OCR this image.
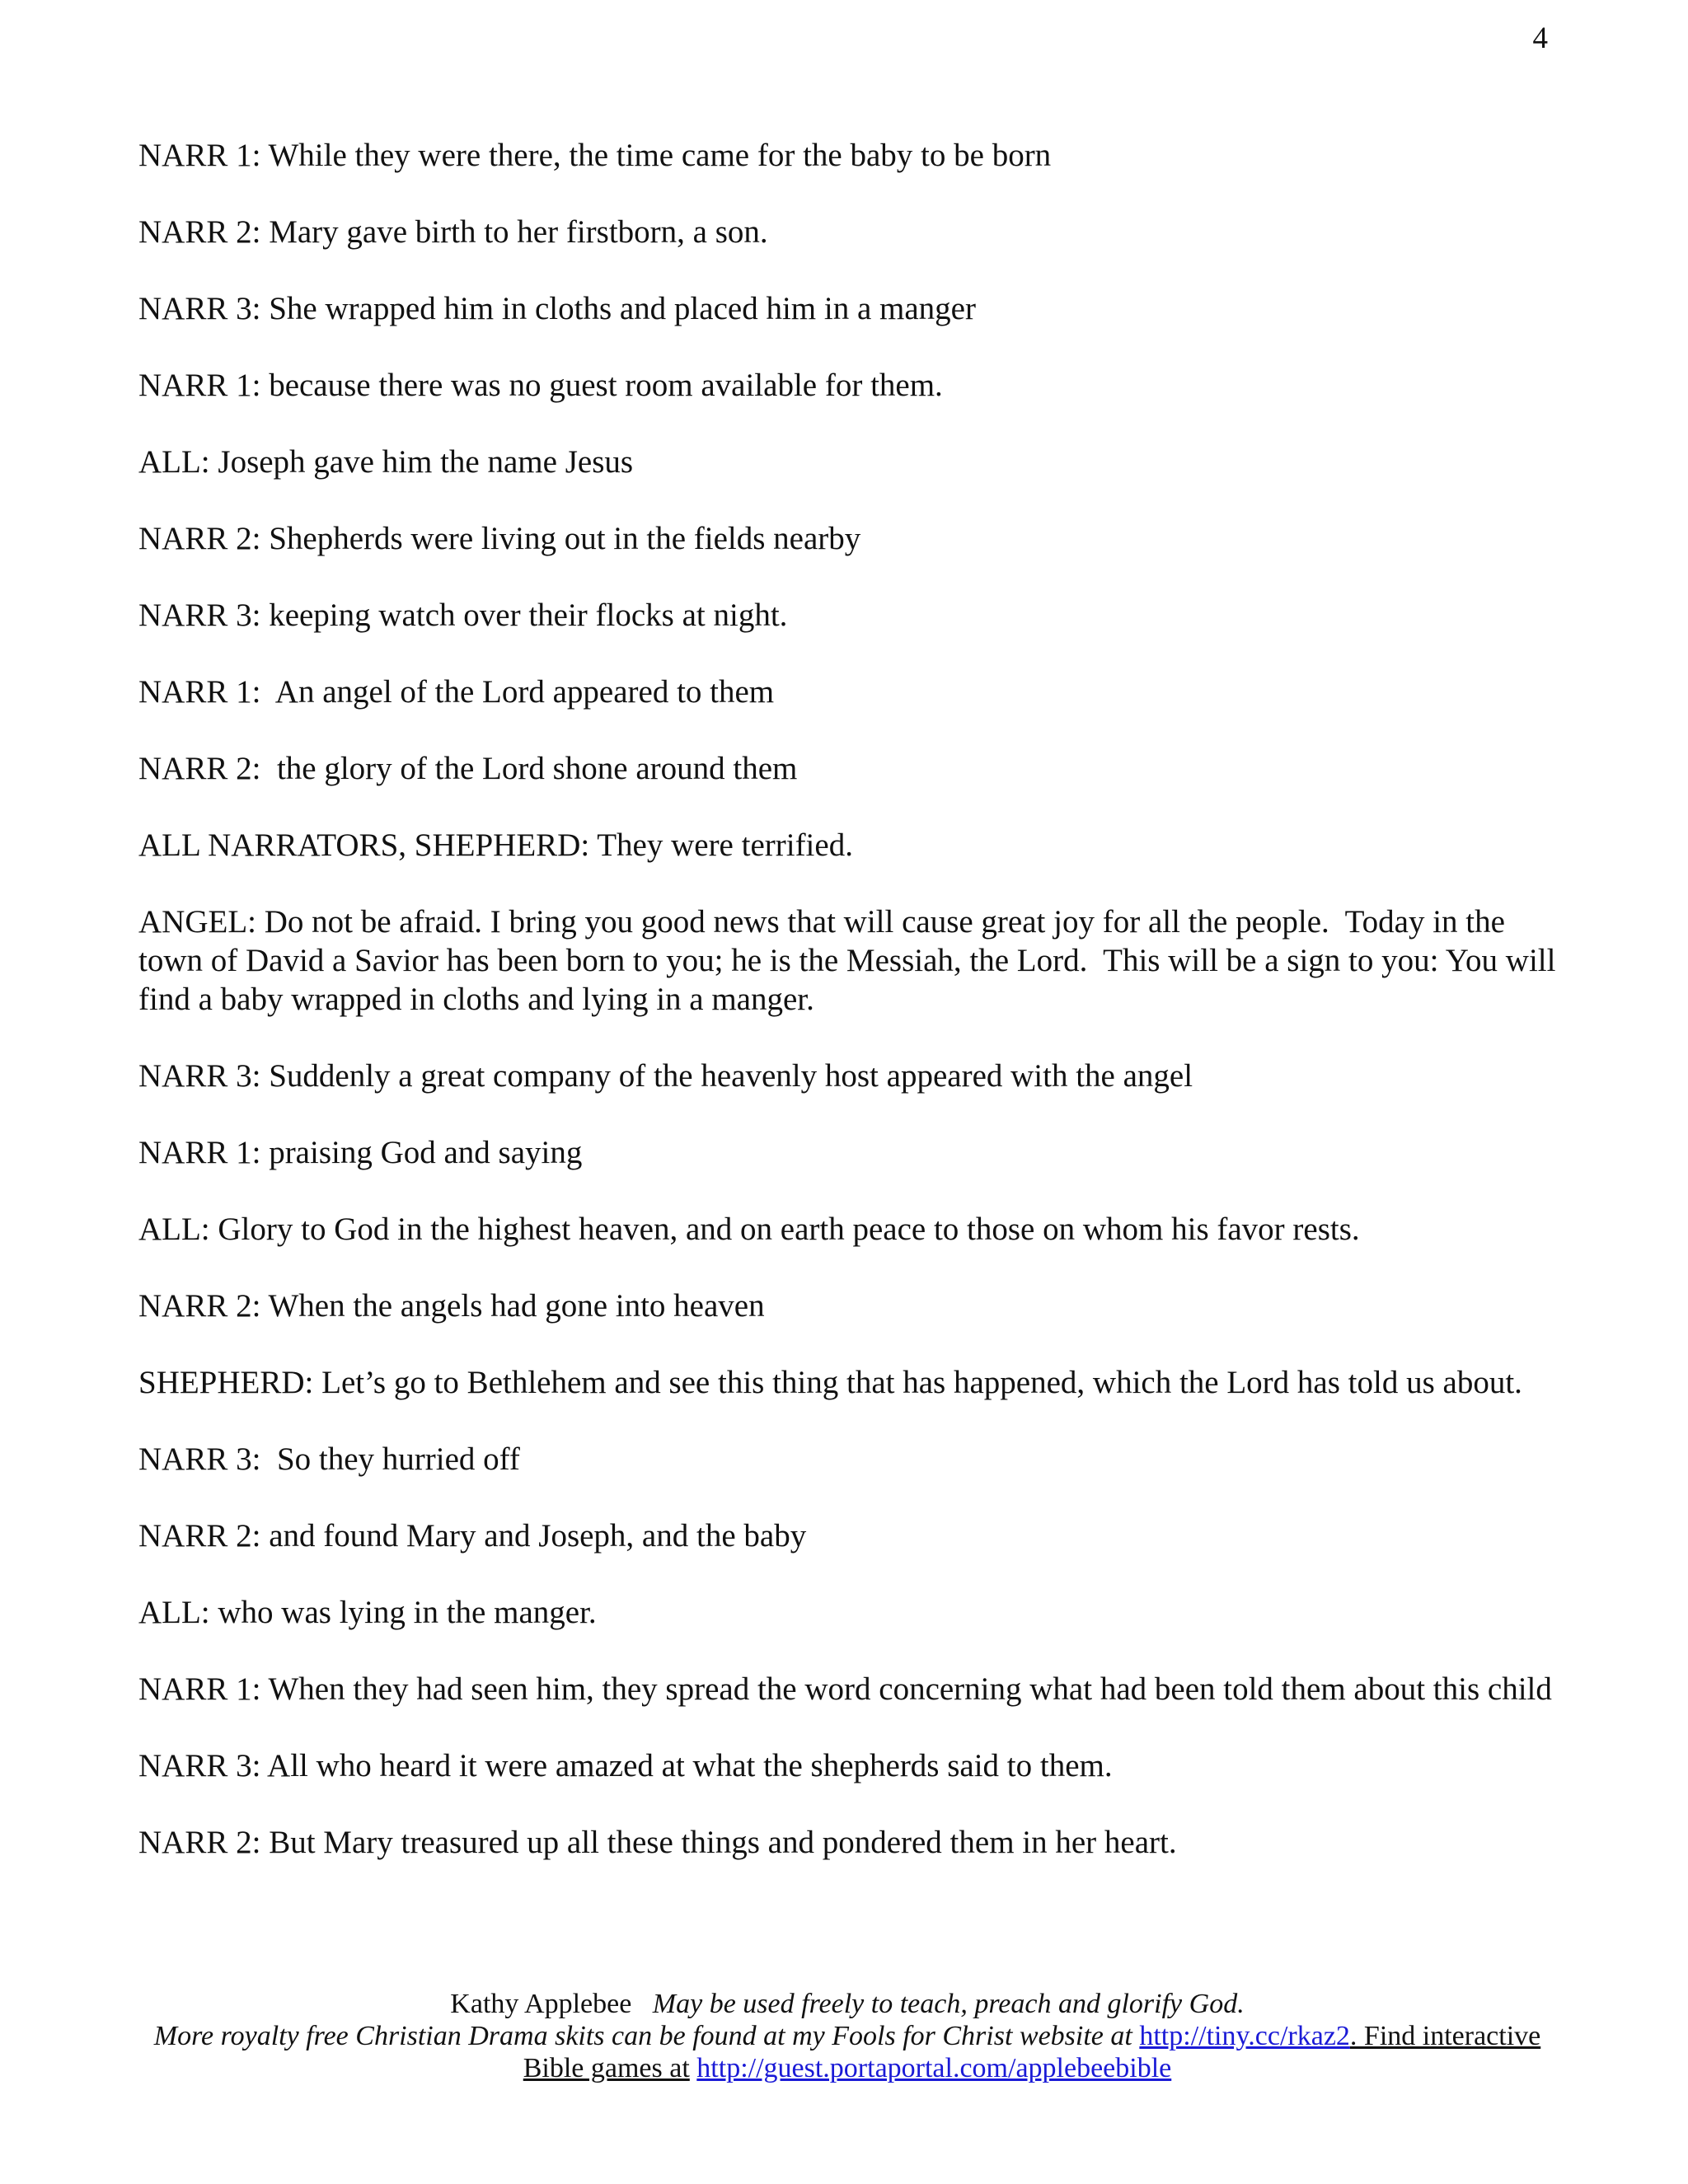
4

NARR 1: While they were there, the time came for the baby to be born

NARR 2: Mary gave birth to her firstborn, a son.

NARR 3: She wrapped him in cloths and placed him in a manger

NARR 1: because there was no guest room available for them.

ALL: Joseph gave him the name Jesus

NARR 2: Shepherds were living out in the fields nearby

NARR 3: keeping watch over their flocks at night.

NARR 1:  An angel of the Lord appeared to them

NARR 2:  the glory of the Lord shone around them

ALL NARRATORS, SHEPHERD: They were terrified.

ANGEL: Do not be afraid. I bring you good news that will cause great joy for all the people.  Today in the town of David a Savior has been born to you; he is the Messiah, the Lord.  This will be a sign to you: You will find a baby wrapped in cloths and lying in a manger.

NARR 3: Suddenly a great company of the heavenly host appeared with the angel

NARR 1: praising God and saying

ALL: Glory to God in the highest heaven, and on earth peace to those on whom his favor rests.

NARR 2: When the angels had gone into heaven

SHEPHERD: Let’s go to Bethlehem and see this thing that has happened, which the Lord has told us about.

NARR 3:  So they hurried off

NARR 2: and found Mary and Joseph, and the baby

ALL: who was lying in the manger.

NARR 1: When they had seen him, they spread the word concerning what had been told them about this child

NARR 3: All who heard it were amazed at what the shepherds said to them.

NARR 2: But Mary treasured up all these things and pondered them in her heart.

Kathy Applebee May be used freely to teach, preach and glorify God.
More royalty free Christian Drama skits can be found at my Fools for Christ website at http://tiny.cc/rkaz2. Find interactive
Bible games at http://guest.portaportal.com/applebeebible
